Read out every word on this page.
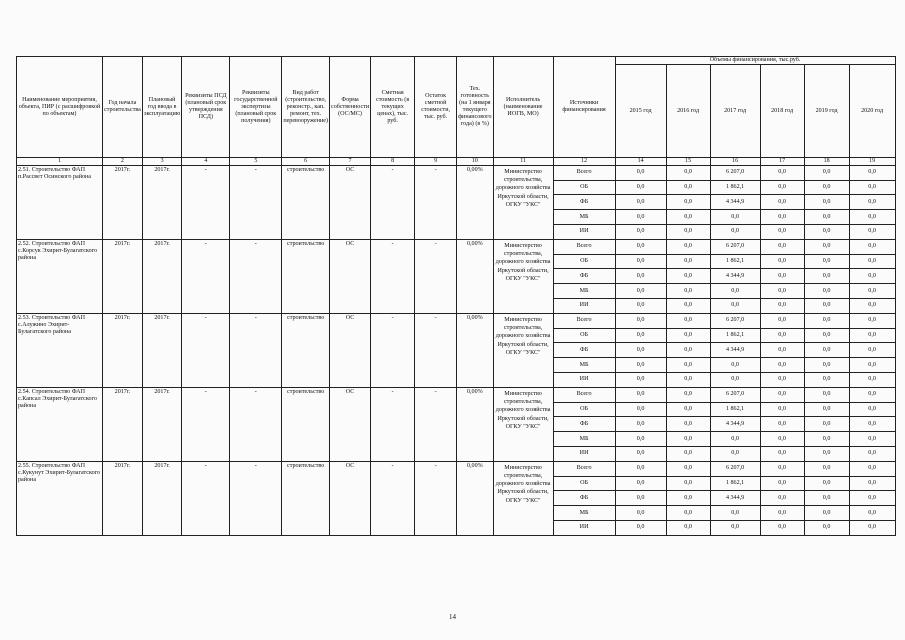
Наименование мероприятия, объекта, ПИР (с расшифровкой по объектам)	Год начала строительства	Плановый год ввода в эксплуатацию	Реквизиты ПСД (плановый срок утверждения ПСД)	Реквизиты государственной экспертизы (плановый срок получения)	Вид работ (строительство, реконстр., кап. ремонт, тех. перевооружение)	Форма собственности (ОС/МС)	Сметная стоимость (в текущих ценах), тыс. руб.	Остаток сметной стоимости, тыс. руб.	Тех. готовность (на 1 января текущего финансового года) (в %)	Исполнитель (наименование ИОГВ, МО)	Источники финансирования	Объемы финансирования, тыс.руб.					
												2015 год	2016 год	2017 год	2018 год	2019 год	2020 год
1	2	3	4	5	6	7	8	9	10	11	12	14	15	16	17	18	19
2.51. Строительство ФАП п.Рассвет Осинского района	2017г.	2017г.	-	-	строительство	ОС	-	-	0,00%	Министерство строительства, дорожного хозяйства Иркутской области, ОГКУ "УКС"	Всего	0,0	0,0	6 207,0	0,0	0,0	0,0
											ОБ	0,0	0,0	1 862,1	0,0	0,0	0,0
											ФБ	0,0	0,0	4 344,9	0,0	0,0	0,0
											МБ	0,0	0,0	0,0	0,0	0,0	0,0
											ИИ	0,0	0,0	0,0	0,0	0,0	0,0
2.52. Строительство ФАП с.Корсук Эхирит-Булагатского района	2017г.	2017г.	-	-	строительство	ОС	-	-	0,00%	Министерство строительства, дорожного хозяйства Иркутской области, ОГКУ "УКС"	Всего	0,0	0,0	6 207,0	0,0	0,0	0,0
											ОБ	0,0	0,0	1 862,1	0,0	0,0	0,0
											ФБ	0,0	0,0	4 344,9	0,0	0,0	0,0
											МБ	0,0	0,0	0,0	0,0	0,0	0,0
											ИИ	0,0	0,0	0,0	0,0	0,0	0,0
2.53. Строительство ФАП с.Алужино Эхирит-Булагатского района	2017г.	2017г.	-	-	строительство	ОС	-	-	0,00%	Министерство строительства, дорожного хозяйства Иркутской области, ОГКУ "УКС"	Всего	0,0	0,0	6 207,0	0,0	0,0	0,0
											ОБ	0,0	0,0	1 862,1	0,0	0,0	0,0
											ФБ	0,0	0,0	4 344,9	0,0	0,0	0,0
											МБ	0,0	0,0	0,0	0,0	0,0	0,0
											ИИ	0,0	0,0	0,0	0,0	0,0	0,0
2.54. Строительство ФАП с.Капсал Эхирит-Булагатского района	2017г.	2017г.	-	-	строительство	ОС	-	-	0,00%	Министерство строительства, дорожного хозяйства Иркутской области, ОГКУ "УКС"	Всего	0,0	0,0	6 207,0	0,0	0,0	0,0
											ОБ	0,0	0,0	1 862,1	0,0	0,0	0,0
											ФБ	0,0	0,0	4 344,9	0,0	0,0	0,0
											МБ	0,0	0,0	0,0	0,0	0,0	0,0
											ИИ	0,0	0,0	0,0	0,0	0,0	0,0
2.55. Строительство ФАП с.Кукунут Эхирит-Булагатского района	2017г.	2017г.	-	-	строительство	ОС	-	-	0,00%	Министерство строительства, дорожного хозяйства Иркутской области, ОГКУ "УКС"	Всего	0,0	0,0	6 207,0	0,0	0,0	0,0
											ОБ	0,0	0,0	1 862,1	0,0	0,0	0,0
											ФБ	0,0	0,0	4 344,9	0,0	0,0	0,0
											МБ	0,0	0,0	0,0	0,0	0,0	0,0
											ИИ	0,0	0,0	0,0	0,0	0,0	0,0
14
